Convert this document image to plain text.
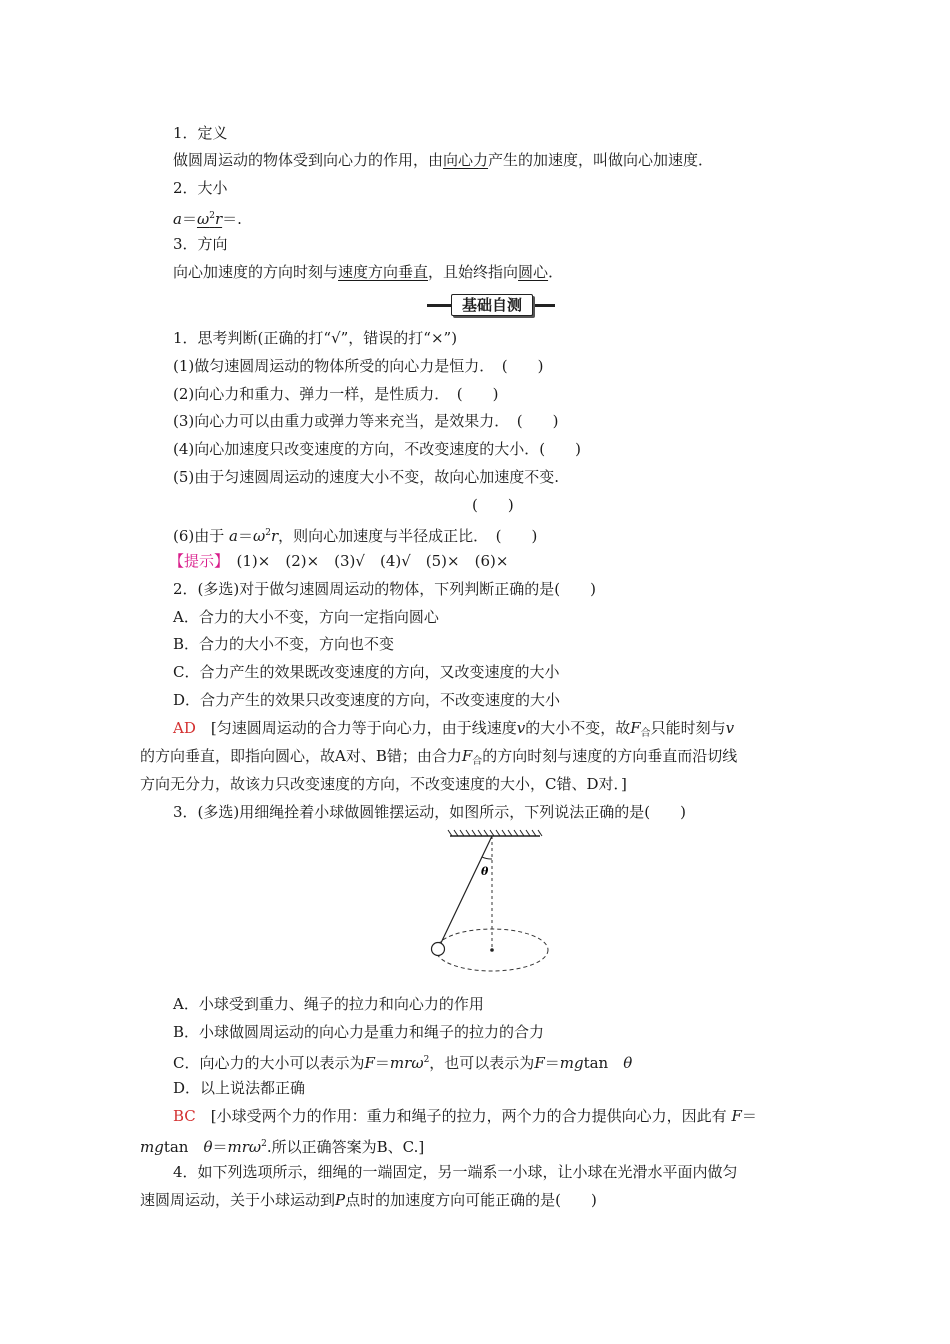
1．定义
做圆周运动的物体受到向心力的作用，由向心力产生的加速度，叫做向心加速度．
2．大小
$a=\omega^2r=$.
3．方向
向心加速度的方向时刻与速度方向垂直，且始终指向圆心．
基础自测
1．思考判断(正确的打“√”，错误的打“×”)
(1)做匀速圆周运动的物体所受的向心力是恒力．　(　　)
(2)向心力和重力、弹力一样，是性质力．　(　　)
(3)向心力可以由重力或弹力等来充当，是效果力．　(　　)
(4)向心加速度只改变速度的方向，不改变速度的大小．(　　)
(5)由于匀速圆周运动的速度大小不变，故向心加速度不变.
(　　)
(6)由于 $a=\omega^2r$，则向心加速度与半径成正比．　(　　)
【提示】　 (1)×　(2)×　(3)√　(4)√　(5)×　(6)×
2．(多选)对于做匀速圆周运动的物体，下列判断正确的是(　　)
A．合力的大小不变，方向一定指向圆心
B．合力的大小不变，方向也不变
C．合力产生的效果既改变速度的方向，又改变速度的大小
D．合力产生的效果只改变速度的方向，不改变速度的大小
AD　 [匀速圆周运动的合力等于向心力，由于线速度v的大小不变，故$F_合$只能时刻与v
的方向垂直，即指向圆心，故A对、B错；由合力$F_合$的方向时刻与速度的方向垂直而沿切线
方向无分力，故该力只改变速度的方向，不改变速度的大小，C错、D对．]
3．(多选)用细绳拴着小球做圆锥摆运动，如图所示，下列说法正确的是(　　)
θ
A．小球受到重力、绳子的拉力和向心力的作用
B．小球做圆周运动的向心力是重力和绳子的拉力的合力
C．向心力的大小可以表示为F＝mrω$^2$，也可以表示为F＝mgtan　θ
D．以上说法都正确
BC　 [小球受两个力的作用：重力和绳子的拉力，两个力的合力提供向心力，因此有 F＝
mgtan　θ＝mrω$^2$.所以正确答案为B、C.]
4．如下列选项所示，细绳的一端固定，另一端系一小球，让小球在光滑水平面内做匀
速圆周运动，关于小球运动到P点时的加速度方向可能正确的是(　　)
